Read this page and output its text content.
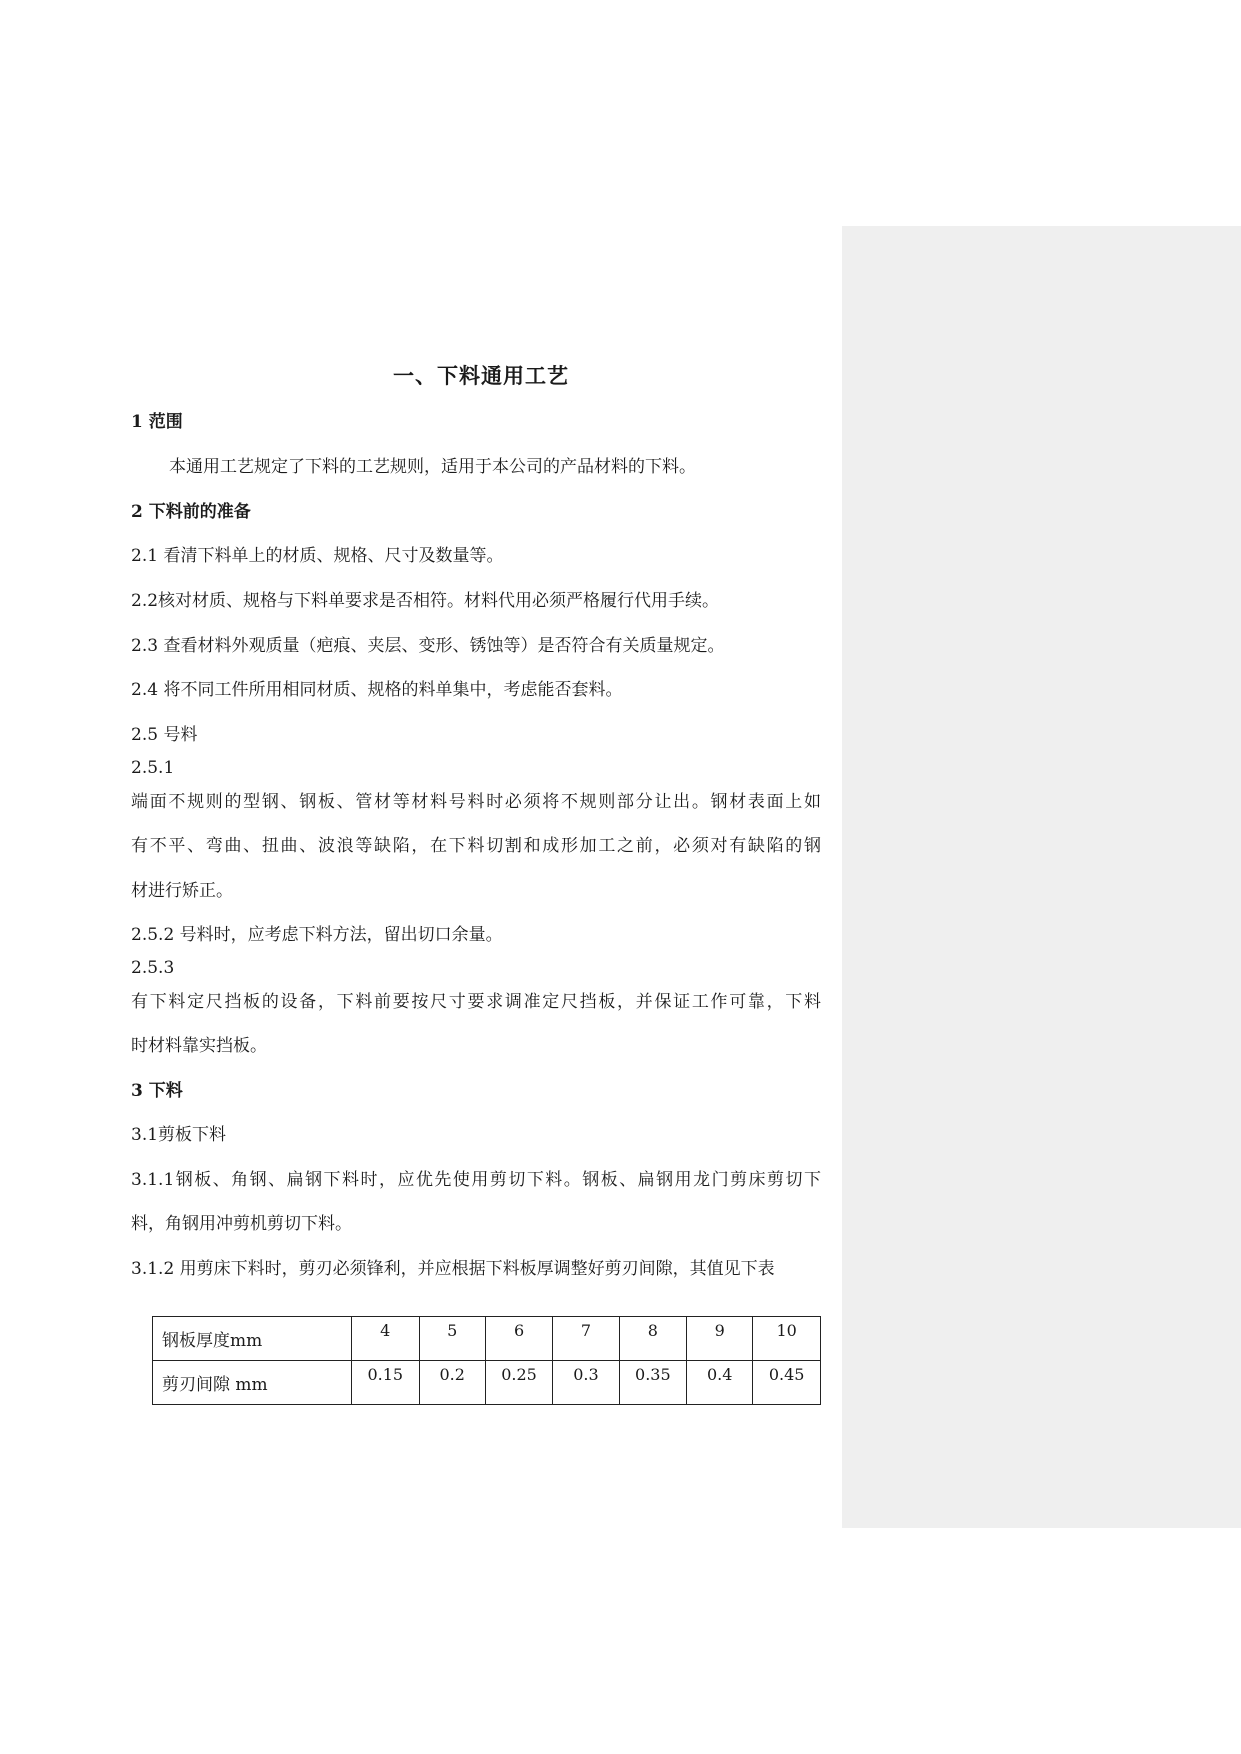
一、下料通用工艺

1 范围

本通用工艺规定了下料的工艺规则，适用于本公司的产品材料的下料。

2 下料前的准备

2.1 看清下料单上的材质、规格、尺寸及数量等。

2.2核对材质、规格与下料单要求是否相符。材料代用必须严格履行代用手续。

2.3 查看材料外观质量（疤痕、夹层、变形、锈蚀等）是否符合有关质量规定。

2.4 将不同工件所用相同材质、规格的料单集中，考虑能否套料。

2.5 号料

2.5.1

端面不规则的型钢、钢板、管材等材料号料时必须将不规则部分让出。钢材表面上如

有不平、弯曲、扭曲、波浪等缺陷，在下料切割和成形加工之前，必须对有缺陷的钢

材进行矫正。

2.5.2 号料时，应考虑下料方法，留出切口余量。

2.5.3

有下料定尺挡板的设备，下料前要按尺寸要求调准定尺挡板，并保证工作可靠，下料

时材料靠实挡板。

3 下料

3.1剪板下料

3.1.1钢板、角钢、扁钢下料时，应优先使用剪切下料。钢板、扁钢用龙门剪床剪切下

料，角钢用冲剪机剪切下料。

3.1.2 用剪床下料时，剪刃必须锋利，并应根据下料板厚调整好剪刃间隙，其值见下表

钢板厚度mm	4	5	6	7	8	9	10

剪刃间隙 mm	0.15	0.2	0.25	0.3	0.35	0.4	0.45
